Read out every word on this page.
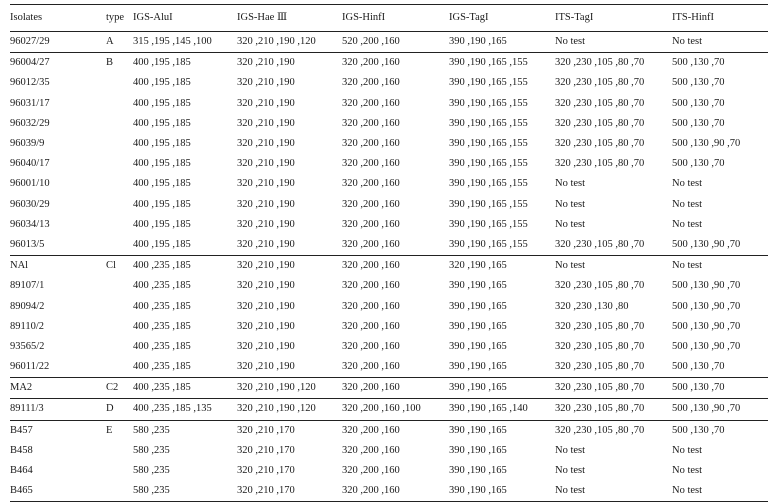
Isolates	type	IGS-AluI	IGS-Hae Ⅲ	IGS-HinfI	IGS-TagI	ITS-TagI	ITS-HinfI
96027/29	A	315 ,195 ,145 ,100	320 ,210 ,190 ,120	520 ,200 ,160	390 ,190 ,165	No test	No test
96004/27	B	400 ,195 ,185	320 ,210 ,190	320 ,200 ,160	390 ,190 ,165 ,155	320 ,230 ,105 ,80 ,70	500 ,130 ,70
96012/35		400 ,195 ,185	320 ,210 ,190	320 ,200 ,160	390 ,190 ,165 ,155	320 ,230 ,105 ,80 ,70	500 ,130 ,70
96031/17		400 ,195 ,185	320 ,210 ,190	320 ,200 ,160	390 ,190 ,165 ,155	320 ,230 ,105 ,80 ,70	500 ,130 ,70
96032/29		400 ,195 ,185	320 ,210 ,190	320 ,200 ,160	390 ,190 ,165 ,155	320 ,230 ,105 ,80 ,70	500 ,130 ,70
96039/9		400 ,195 ,185	320 ,210 ,190	320 ,200 ,160	390 ,190 ,165 ,155	320 ,230 ,105 ,80 ,70	500 ,130 ,90 ,70
96040/17		400 ,195 ,185	320 ,210 ,190	320 ,200 ,160	390 ,190 ,165 ,155	320 ,230 ,105 ,80 ,70	500 ,130 ,70
96001/10		400 ,195 ,185	320 ,210 ,190	320 ,200 ,160	390 ,190 ,165 ,155	No test	No test
96030/29		400 ,195 ,185	320 ,210 ,190	320 ,200 ,160	390 ,190 ,165 ,155	No test	No test
96034/13		400 ,195 ,185	320 ,210 ,190	320 ,200 ,160	390 ,190 ,165 ,155	No test	No test
96013/5		400 ,195 ,185	320 ,210 ,190	320 ,200 ,160	390 ,190 ,165 ,155	320 ,230 ,105 ,80 ,70	500 ,130 ,90 ,70
NAl	Cl	400 ,235 ,185	320 ,210 ,190	320 ,200 ,160	320 ,190 ,165	No test	No test
89107/1		400 ,235 ,185	320 ,210 ,190	320 ,200 ,160	390 ,190 ,165	320 ,230 ,105 ,80 ,70	500 ,130 ,90 ,70
89094/2		400 ,235 ,185	320 ,210 ,190	320 ,200 ,160	390 ,190 ,165	320 ,230 ,130 ,80	500 ,130 ,90 ,70
89110/2		400 ,235 ,185	320 ,210 ,190	320 ,200 ,160	390 ,190 ,165	320 ,230 ,105 ,80 ,70	500 ,130 ,90 ,70
93565/2		400 ,235 ,185	320 ,210 ,190	320 ,200 ,160	390 ,190 ,165	320 ,230 ,105 ,80 ,70	500 ,130 ,90 ,70
96011/22		400 ,235 ,185	320 ,210 ,190	320 ,200 ,160	390 ,190 ,165	320 ,230 ,105 ,80 ,70	500 ,130 ,70
MA2	C2	400 ,235 ,185	320 ,210 ,190 ,120	320 ,200 ,160	390 ,190 ,165	320 ,230 ,105 ,80 ,70	500 ,130 ,70
89111/3	D	400 ,235 ,185 ,135	320 ,210 ,190 ,120	320 ,200 ,160 ,100	390 ,190 ,165 ,140	320 ,230 ,105 ,80 ,70	500 ,130 ,90 ,70
B457	E	580 ,235	320 ,210 ,170	320 ,200 ,160	390 ,190 ,165	320 ,230 ,105 ,80 ,70	500 ,130 ,70
B458		580 ,235	320 ,210 ,170	320 ,200 ,160	390 ,190 ,165	No test	No test
B464		580 ,235	320 ,210 ,170	320 ,200 ,160	390 ,190 ,165	No test	No test
B465		580 ,235	320 ,210 ,170	320 ,200 ,160	390 ,190 ,165	No test	No test
